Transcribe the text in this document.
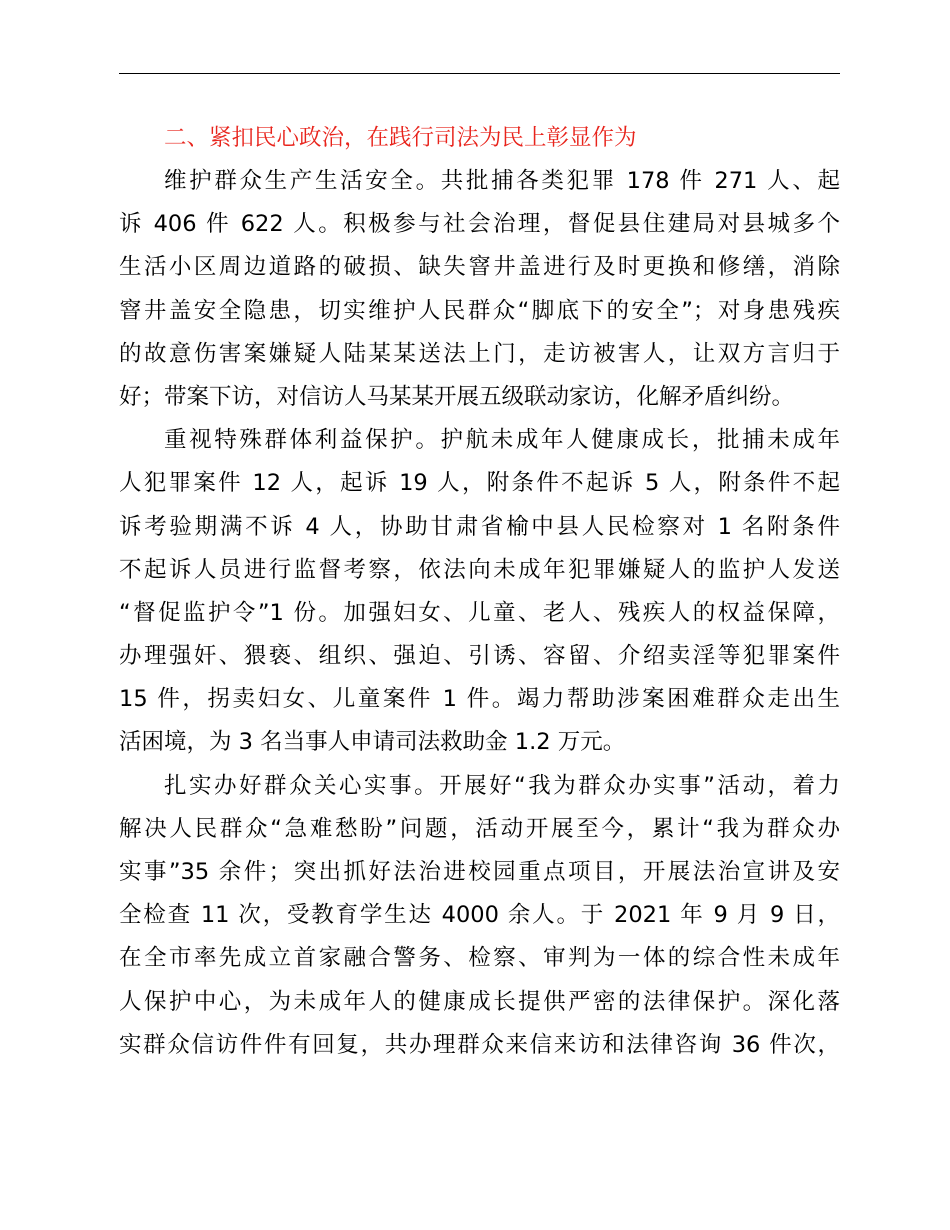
二、紧扣民心政治，在践行司法为民上彰显作为
维护群众生产生活安全。共批捕各类犯罪 178 件 271 人、起
诉 406 件 622 人。积极参与社会治理，督促县住建局对县城多个
生活小区周边道路的破损、缺失窨井盖进行及时更换和修缮，消除
窨井盖安全隐患，切实维护人民群众“脚底下的安全”；对身患残疾
的故意伤害案嫌疑人陆某某送法上门，走访被害人，让双方言归于
好；带案下访，对信访人马某某开展五级联动家访，化解矛盾纠纷。
重视特殊群体利益保护。护航未成年人健康成长，批捕未成年
人犯罪案件 12 人，起诉 19 人，附条件不起诉 5 人，附条件不起
诉考验期满不诉 4 人，协助甘肃省榆中县人民检察对 1 名附条件
不起诉人员进行监督考察，依法向未成年犯罪嫌疑人的监护人发送
“督促监护令”1 份。加强妇女、儿童、老人、残疾人的权益保障，
办理强奸、猥亵、组织、强迫、引诱、容留、介绍卖淫等犯罪案件
15 件，拐卖妇女、儿童案件 1 件。竭力帮助涉案困难群众走出生
活困境，为 3 名当事人申请司法救助金 1.2 万元。
扎实办好群众关心实事。开展好“我为群众办实事”活动，着力
解决人民群众“急难愁盼”问题，活动开展至今，累计“我为群众办
实事”35 余件；突出抓好法治进校园重点项目，开展法治宣讲及安
全检查 11 次，受教育学生达 4000 余人。于 2021 年 9 月 9 日，
在全市率先成立首家融合警务、检察、审判为一体的综合性未成年
人保护中心，为未成年人的健康成长提供严密的法律保护。深化落
实群众信访件件有回复，共办理群众来信来访和法律咨询 36 件次，
